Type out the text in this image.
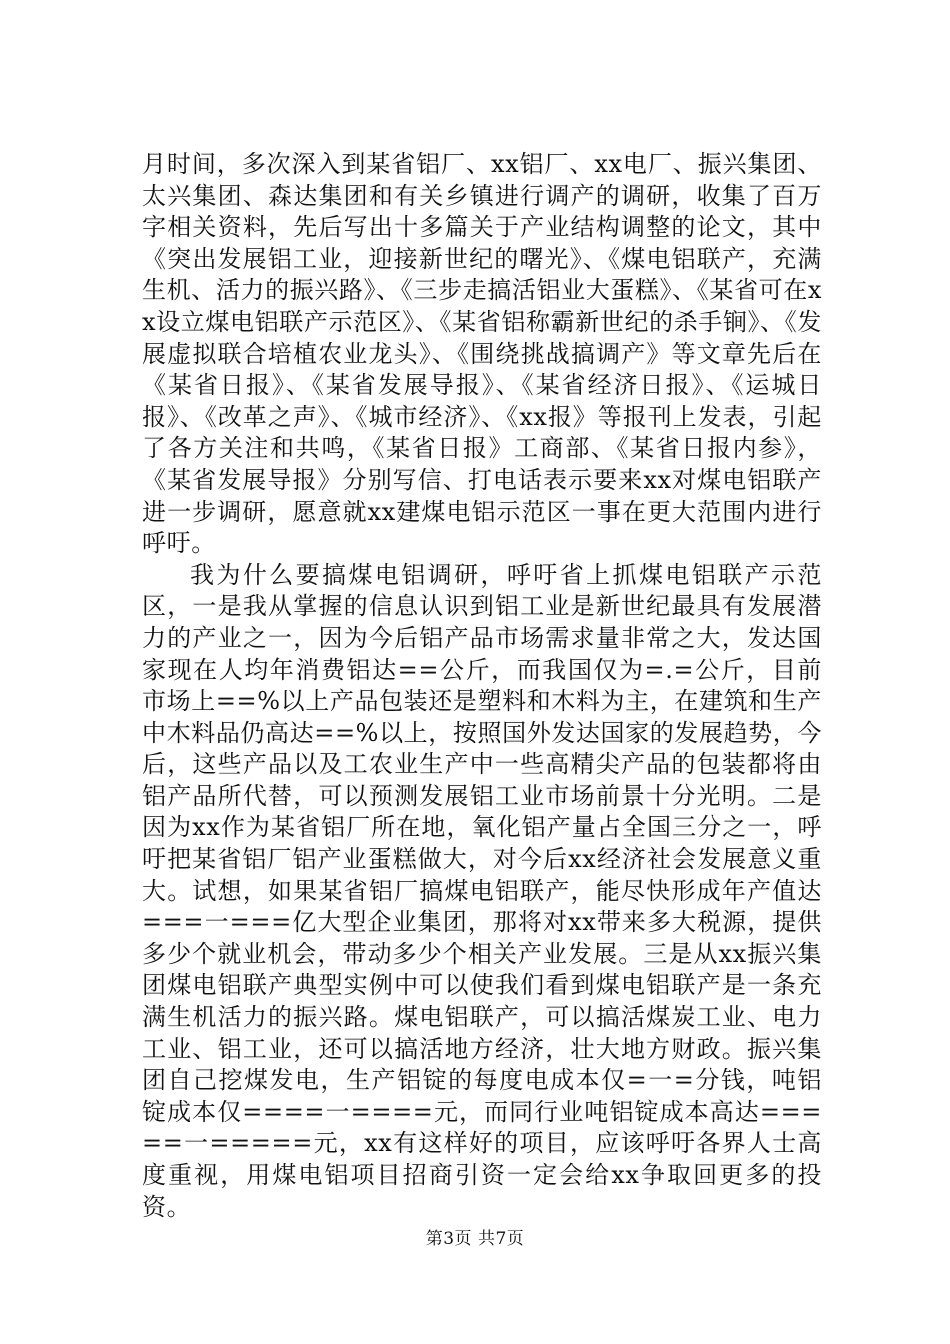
月时间，多次深入到某省铝厂、xx铝厂、xx电厂、振兴集团、太兴集团、森达集团和有关乡镇进行调产的调研，收集了百万字相关资料，先后写出十多篇关于产业结构调整的论文，其中《突出发展铝工业，迎接新世纪的曙光》、《煤电铝联产，充满生机、活力的振兴路》、《三步走搞活铝业大蛋糕》、《某省可在xx设立煤电铝联产示范区》、《某省铝称霸新世纪的杀手锏》、《发展虚拟联合培植农业龙头》、《围绕挑战搞调产》等文章先后在《某省日报》、《某省发展导报》、《某省经济日报》、《运城日报》、《改革之声》、《城市经济》、《xx报》等报刊上发表，引起了各方关注和共鸣，《某省日报》工商部、《某省日报内参》，《某省发展导报》分别写信、打电话表示要来xx对煤电铝联产进一步调研，愿意就xx建煤电铝示范区一事在更大范围内进行呼吁。

我为什么要搞煤电铝调研，呼吁省上抓煤电铝联产示范区，一是我从掌握的信息认识到铝工业是新世纪最具有发展潜力的产业之一，因为今后铝产品市场需求量非常之大，发达国家现在人均年消费铝达==公斤，而我国仅为=.=公斤，目前市场上==%以上产品包装还是塑料和木料为主，在建筑和生产中木料品仍高达==%以上，按照国外发达国家的发展趋势，今后，这些产品以及工农业生产中一些高精尖产品的包装都将由铝产品所代替，可以预测发展铝工业市场前景十分光明。二是因为xx作为某省铝厂所在地，氧化铝产量占全国三分之一，呼吁把某省铝厂铝产业蛋糕做大，对今后xx经济社会发展意义重大。试想，如果某省铝厂搞煤电铝联产，能尽快形成年产值达===一===亿大型企业集团，那将对xx带来多大税源，提供多少个就业机会，带动多少个相关产业发展。三是从xx振兴集团煤电铝联产典型实例中可以使我们看到煤电铝联产是一条充满生机活力的振兴路。煤电铝联产，可以搞活煤炭工业、电力工业、铝工业，还可以搞活地方经济，壮大地方财政。振兴集团自己挖煤发电，生产铝锭的每度电成本仅=一=分钱，吨铝锭成本仅====一====元，而同行业吨铝锭成本高达=====一=====元，xx有这样好的项目，应该呼吁各界人士高度重视，用煤电铝项目招商引资一定会给xx争取回更多的投资。

第3页 共7页
